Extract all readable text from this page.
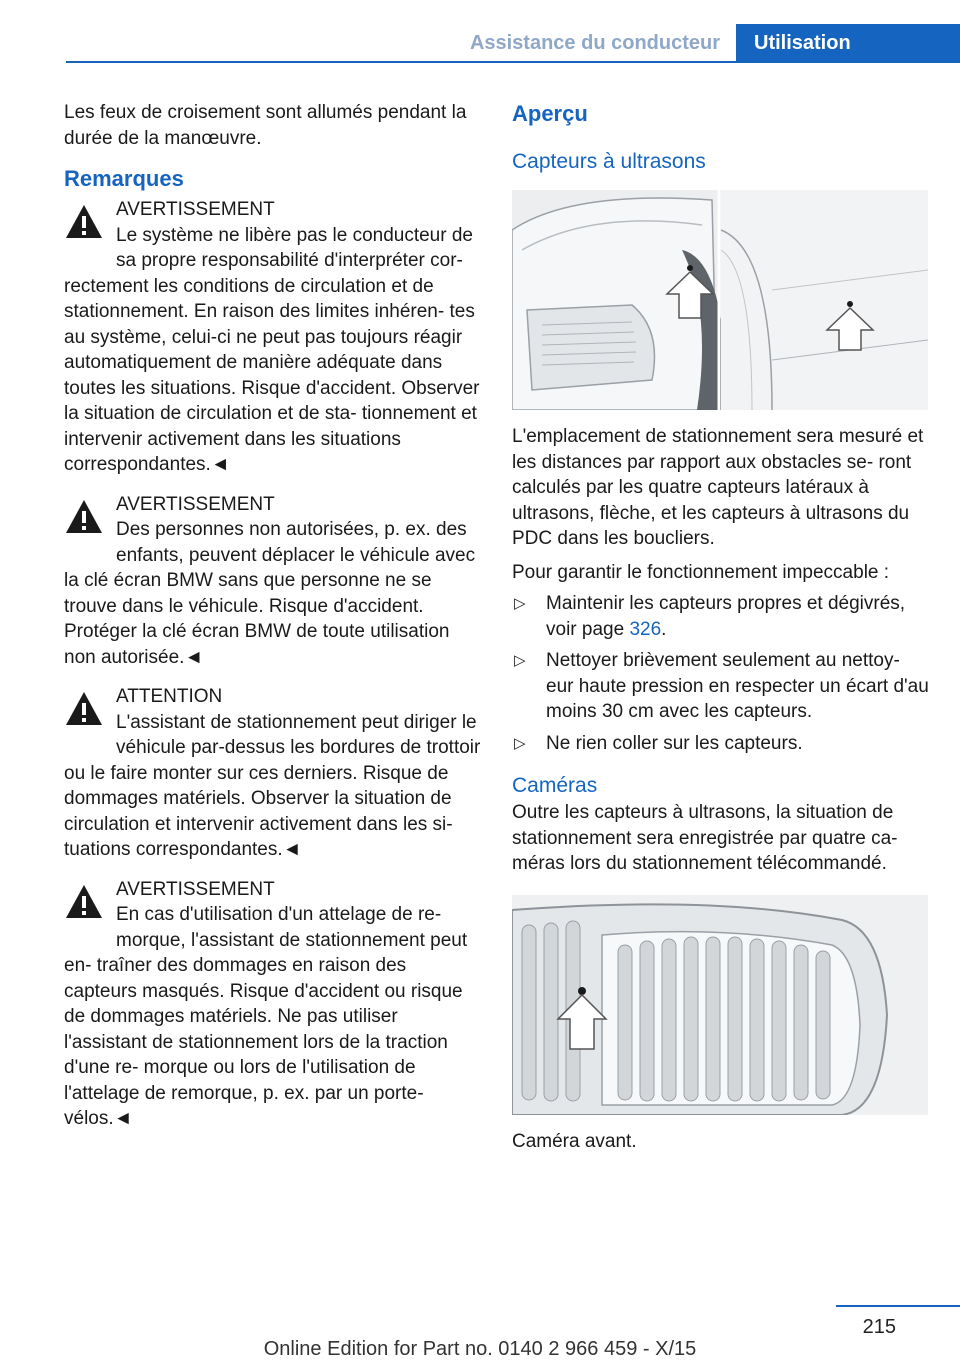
Assistance du conducteur	Utilisation

Les feux de croisement sont allumés pendant la durée de la manœuvre.

Remarques
AVERTISSEMENT
Le système ne libère pas le conducteur de sa propre responsabilité d'interpréter cor- rectement les conditions de circulation et de stationnement. En raison des limites inhéren- tes au système, celui-ci ne peut pas toujours réagir automatiquement de manière adéquate dans toutes les situations. Risque d'accident. Observer la situation de circulation et de sta- tionnement et intervenir activement dans les situations correspondantes.◄
AVERTISSEMENT
Des personnes non autorisées, p. ex. des enfants, peuvent déplacer le véhicule avec la clé écran BMW sans que personne ne se trouve dans le véhicule. Risque d'accident. Protéger la clé écran BMW de toute utilisation non autorisée.◄
ATTENTION
L'assistant de stationnement peut diriger le véhicule par-dessus les bordures de trottoir ou le faire monter sur ces derniers. Risque de dommages matériels. Observer la situation de circulation et intervenir activement dans les si- tuations correspondantes.◄
AVERTISSEMENT
En cas d'utilisation d'un attelage de re- morque, l'assistant de stationnement peut en- traîner des dommages en raison des capteurs masqués. Risque d'accident ou risque de dommages matériels. Ne pas utiliser l'assistant de stationnement lors de la traction d'une re- morque ou lors de l'utilisation de l'attelage de remorque, p. ex. par un porte-vélos.◄
Aperçu
Capteurs à ultrasons

L'emplacement de stationnement sera mesuré et les distances par rapport aux obstacles se- ront calculés par les quatre capteurs latéraux à ultrasons, flèche, et les capteurs à ultrasons du PDC dans les boucliers.

Pour garantir le fonctionnement impeccable :

▷ Maintenir les capteurs propres et dégivrés, voir page 326.
▷ Nettoyer brièvement seulement au nettoy- eur haute pression en respecter un écart d'au moins 30 cm avec les capteurs.
▷ Ne rien coller sur les capteurs.
Caméras

Outre les capteurs à ultrasons, la situation de stationnement sera enregistrée par quatre ca- méras lors du stationnement télécommandé.

Caméra avant.

215
Online Edition for Part no. 0140 2 966 459 - X/15
